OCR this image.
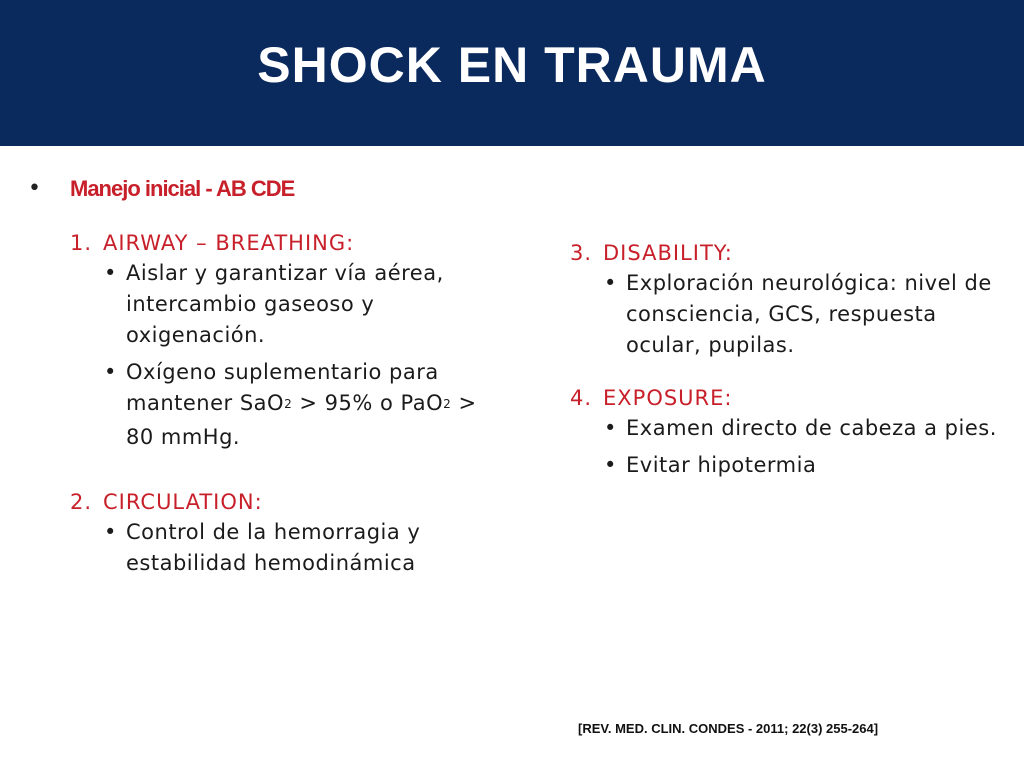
SHOCK EN TRAUMA
• Manejo inicial - AB CDE
1. AIRWAY – BREATHING:
• Aislar y garantizar vía aérea, intercambio gaseoso y oxigenación.
• Oxígeno suplementario para mantener SaO$_2$ > 95% o PaO$_2$ > 80 mmHg.
2. CIRCULATION:
• Control de la hemorragia y estabilidad hemodinámica
3. DISABILITY:
• Exploración neurológica: nivel de consciencia, GCS, respuesta ocular, pupilas.
4. EXPOSURE:
• Examen directo de cabeza a pies.
• Evitar hipotermia
[REV. MED. CLIN. CONDES - 2011; 22(3) 255-264]
